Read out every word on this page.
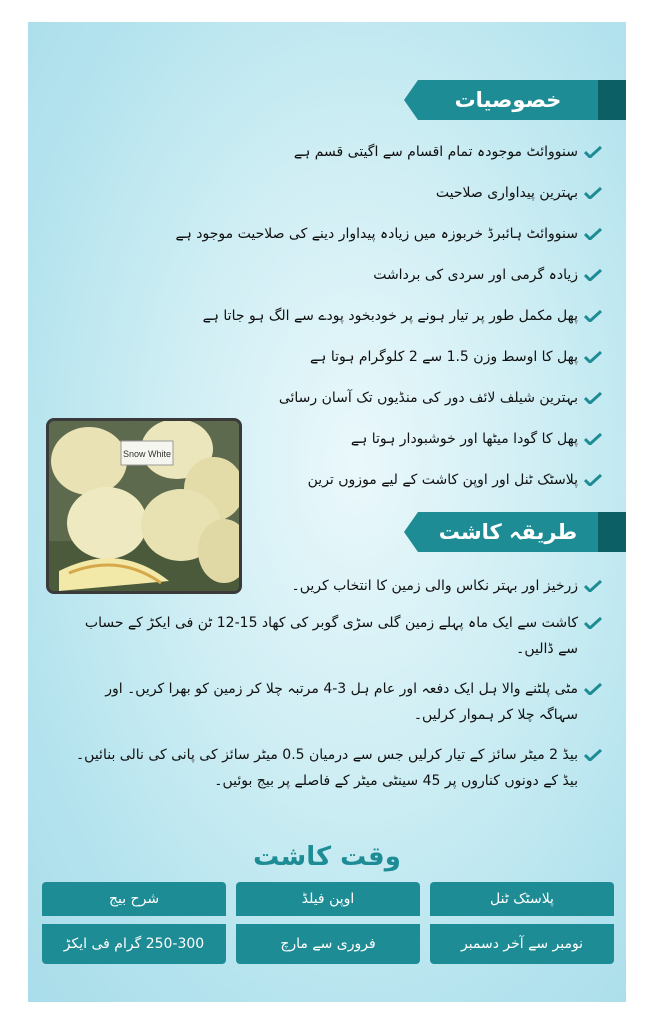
خصوصیات
سنووائٹ موجودہ تمام اقسام سے اگیتی قسم ہے
بہترین پیداواری صلاحیت
سنووائٹ ہائبرڈ خربوزہ میں زیادہ پیداوار دینے کی صلاحیت موجود ہے
زیادہ گرمی اور سردی کی برداشت
پھل مکمل طور پر تیار ہونے پر خودبخود پودے سے الگ ہو جاتا ہے
پھل کا اوسط وزن 1.5 سے 2 کلوگرام ہوتا ہے
بہترین شیلف لائف دور کی منڈیوں تک آسان رسائی
پھل کا گودا میٹھا اور خوشبودار ہوتا ہے
پلاسٹک ٹنل اور اوپن کاشت کے لیے موزوں ترین
Snow White
طریقہ کاشت
زرخیز اور بہتر نکاس والی زمین کا انتخاب کریں۔
کاشت سے ایک ماہ پہلے زمین گلی سڑی گوبر کی کھاد 15-12 ٹن فی ایکڑ کے حساب سے ڈالیں۔
مٹی پلٹنے والا ہل ایک دفعہ اور عام ہل 3-4 مرتبہ چلا کر زمین کو بھرا کریں۔ اور سہاگہ چلا کر ہموار کرلیں۔
بیڈ 2 میٹر سائز کے تیار کرلیں جس سے درمیان 0.5 میٹر سائز کی پانی کی نالی بنائیں۔ بیڈ کے دونوں کناروں پر 45 سینٹی میٹر کے فاصلے پر بیج بوئیں۔
وقت کاشت
شرح بیج
250-300 گرام فی ایکڑ
اوپن فیلڈ
فروری سے مارچ
پلاسٹک ٹنل
نومبر سے آخر دسمبر
